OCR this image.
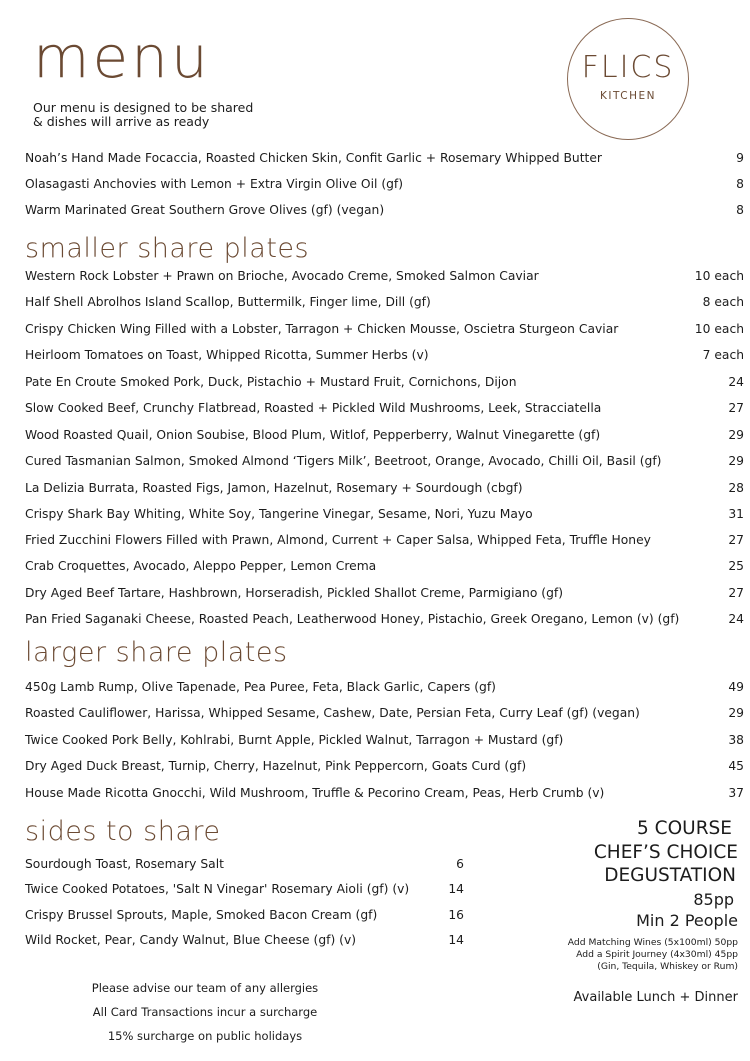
menu
Our menu is designed to be shared
& dishes will arrive as ready
FLICS
KITCHEN
Noah’s Hand Made Focaccia, Roasted Chicken Skin, Confit Garlic + Rosemary Whipped Butter	9
Olasagasti Anchovies with Lemon + Extra Virgin Olive Oil (gf)	8
Warm Marinated Great Southern Grove Olives (gf) (vegan)	8
smaller share plates
Western Rock Lobster + Prawn on Brioche, Avocado Creme, Smoked Salmon Caviar	10 each
Half Shell Abrolhos Island Scallop, Buttermilk, Finger lime, Dill (gf)	8 each
Crispy Chicken Wing Filled with a Lobster, Tarragon + Chicken Mousse, Oscietra Sturgeon Caviar	10 each
Heirloom Tomatoes on Toast, Whipped Ricotta, Summer Herbs (v)	7 each
Pate En Croute Smoked Pork, Duck, Pistachio + Mustard Fruit, Cornichons, Dijon	24
Slow Cooked Beef, Crunchy Flatbread, Roasted + Pickled Wild Mushrooms, Leek, Stracciatella	27
Wood Roasted Quail, Onion Soubise, Blood Plum, Witlof, Pepperberry, Walnut Vinegarette (gf)	29
Cured Tasmanian Salmon, Smoked Almond ‘Tigers Milk’, Beetroot, Orange, Avocado, Chilli Oil, Basil (gf)	29
La Delizia Burrata, Roasted Figs, Jamon, Hazelnut, Rosemary + Sourdough (cbgf)	28
Crispy Shark Bay Whiting, White Soy, Tangerine Vinegar, Sesame, Nori, Yuzu Mayo	31
Fried Zucchini Flowers Filled with Prawn, Almond, Current + Caper Salsa, Whipped Feta, Truffle Honey	27
Crab Croquettes, Avocado, Aleppo Pepper, Lemon Crema	25
Dry Aged Beef Tartare, Hashbrown, Horseradish, Pickled Shallot Creme, Parmigiano (gf)	27
Pan Fried Saganaki Cheese, Roasted Peach, Leatherwood Honey, Pistachio, Greek Oregano, Lemon (v) (gf)	24
larger share plates
450g Lamb Rump, Olive Tapenade, Pea Puree, Feta, Black Garlic, Capers (gf)	49
Roasted Cauliflower, Harissa, Whipped Sesame, Cashew, Date, Persian Feta, Curry Leaf (gf) (vegan)	29
Twice Cooked Pork Belly, Kohlrabi, Burnt Apple, Pickled Walnut, Tarragon + Mustard (gf)	38
Dry Aged Duck Breast, Turnip, Cherry, Hazelnut, Pink Peppercorn, Goats Curd (gf)	45
House Made Ricotta Gnocchi, Wild Mushroom, Truffle & Pecorino Cream, Peas, Herb Crumb (v)	37
sides to share
Sourdough Toast, Rosemary Salt	6
Twice Cooked Potatoes, 'Salt N Vinegar' Rosemary Aioli (gf) (v)	14
Crispy Brussel Sprouts, Maple, Smoked Bacon Cream (gf)	16
Wild Rocket, Pear, Candy Walnut, Blue Cheese (gf) (v)	14
5 COURSE
CHEF’S CHOICE
DEGUSTATION
85pp
Min 2 People
Add Matching Wines (5x100ml) 50pp
Add a Spirit Journey (4x30ml) 45pp
(Gin, Tequila, Whiskey or Rum)
Available Lunch + Dinner
Please advise our team of any allergies
All Card Transactions incur a surcharge
15% surcharge on public holidays
